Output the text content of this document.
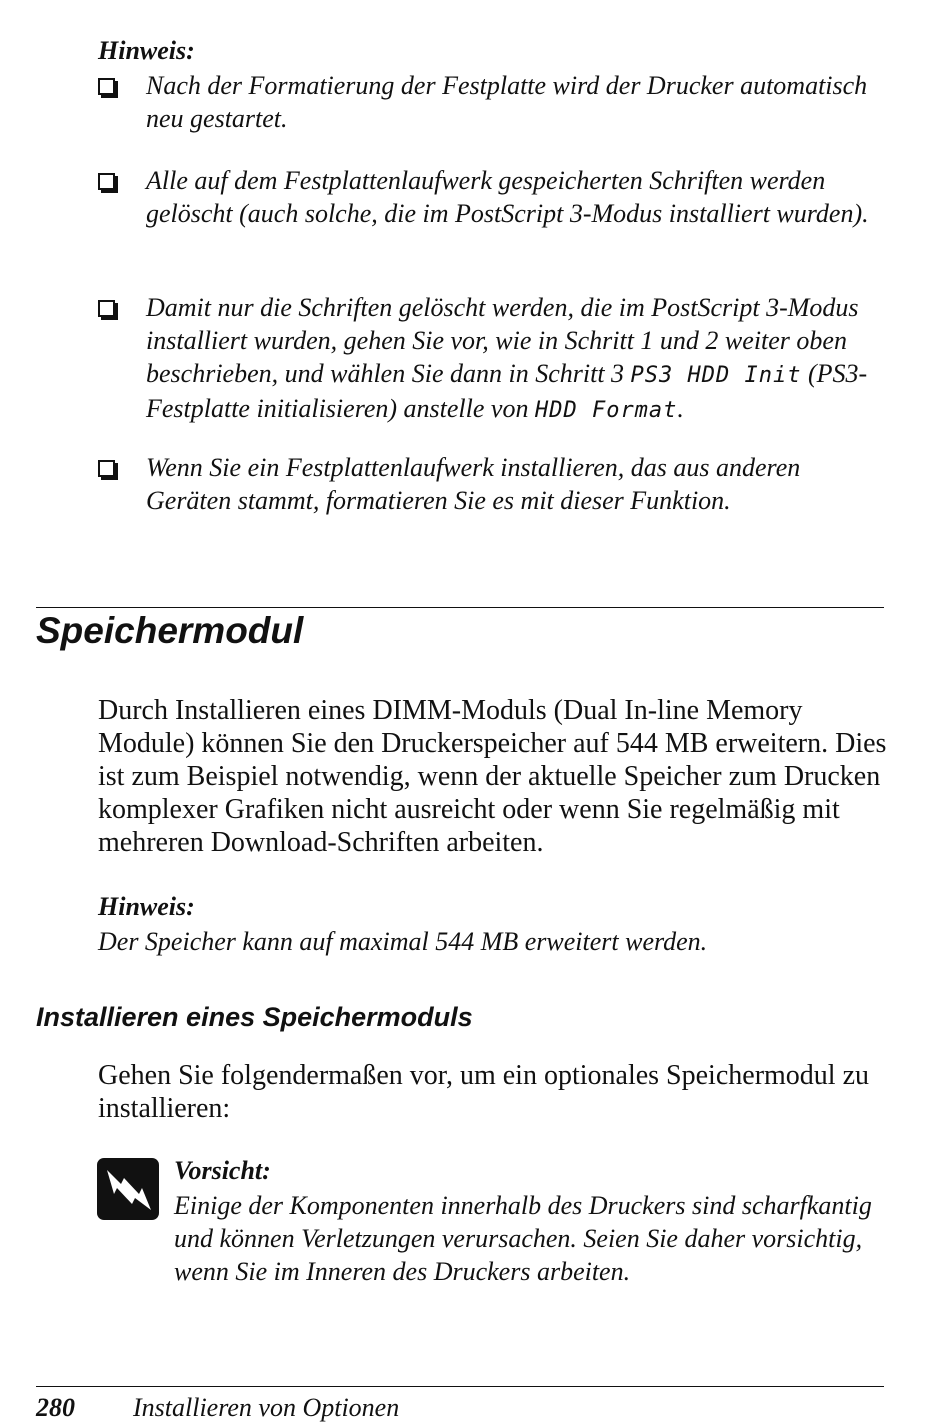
Hinweis:
Nach der Formatierung der Festplatte wird der Drucker automatisch neu gestartet.
Alle auf dem Festplattenlaufwerk gespeicherten Schriften werden gelöscht (auch solche, die im PostScript 3-Modus installiert wurden).
Damit nur die Schriften gelöscht werden, die im PostScript 3-Modus installiert wurden, gehen Sie vor, wie in Schritt 1 und 2 weiter oben beschrieben, und wählen Sie dann in Schritt 3 PS3 HDD Init (PS3-Festplatte initialisieren) anstelle von HDD Format.
Wenn Sie ein Festplattenlaufwerk installieren, das aus anderen Geräten stammt, formatieren Sie es mit dieser Funktion.
Speichermodul
Durch Installieren eines DIMM-Moduls (Dual In-line Memory Module) können Sie den Druckerspeicher auf 544 MB erweitern. Dies ist zum Beispiel notwendig, wenn der aktuelle Speicher zum Drucken komplexer Grafiken nicht ausreicht oder wenn Sie regelmäßig mit mehreren Download-Schriften arbeiten.
Hinweis:
Der Speicher kann auf maximal 544 MB erweitert werden.
Installieren eines Speichermoduls
Gehen Sie folgendermaßen vor, um ein optionales Speichermodul zu installieren:
Vorsicht:
Einige der Komponenten innerhalb des Druckers sind scharfkantig und können Verletzungen verursachen. Seien Sie daher vorsichtig, wenn Sie im Inneren des Druckers arbeiten.
280 Installieren von Optionen
